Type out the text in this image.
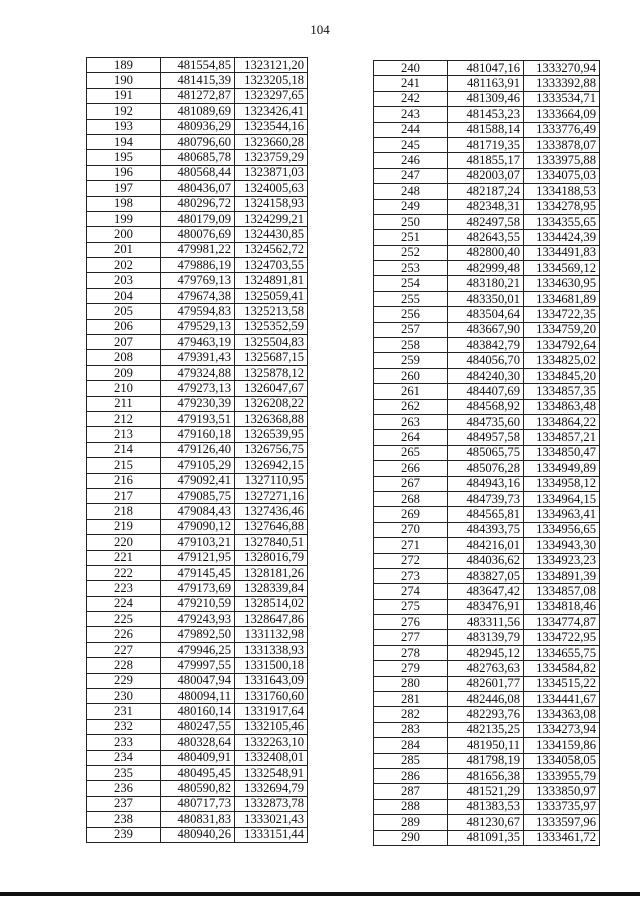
104
189	481554,85	1323121,20
190	481415,39	1323205,18
191	481272,87	1323297,65
192	481089,69	1323426,41
193	480936,29	1323544,16
194	480796,60	1323660,28
195	480685,78	1323759,29
196	480568,44	1323871,03
197	480436,07	1324005,63
198	480296,72	1324158,93
199	480179,09	1324299,21
200	480076,69	1324430,85
201	479981,22	1324562,72
202	479886,19	1324703,55
203	479769,13	1324891,81
204	479674,38	1325059,41
205	479594,83	1325213,58
206	479529,13	1325352,59
207	479463,19	1325504,83
208	479391,43	1325687,15
209	479324,88	1325878,12
210	479273,13	1326047,67
211	479230,39	1326208,22
212	479193,51	1326368,88
213	479160,18	1326539,95
214	479126,40	1326756,75
215	479105,29	1326942,15
216	479092,41	1327110,95
217	479085,75	1327271,16
218	479084,43	1327436,46
219	479090,12	1327646,88
220	479103,21	1327840,51
221	479121,95	1328016,79
222	479145,45	1328181,26
223	479173,69	1328339,84
224	479210,59	1328514,02
225	479243,93	1328647,86
226	479892,50	1331132,98
227	479946,25	1331338,93
228	479997,55	1331500,18
229	480047,94	1331643,09
230	480094,11	1331760,60
231	480160,14	1331917,64
232	480247,55	1332105,46
233	480328,64	1332263,10
234	480409,91	1332408,01
235	480495,45	1332548,91
236	480590,82	1332694,79
237	480717,73	1332873,78
238	480831,83	1333021,43
239	480940,26	1333151,44
240	481047,16	1333270,94
241	481163,91	1333392,88
242	481309,46	1333534,71
243	481453,23	1333664,09
244	481588,14	1333776,49
245	481719,35	1333878,07
246	481855,17	1333975,88
247	482003,07	1334075,03
248	482187,24	1334188,53
249	482348,31	1334278,95
250	482497,58	1334355,65
251	482643,55	1334424,39
252	482800,40	1334491,83
253	482999,48	1334569,12
254	483180,21	1334630,95
255	483350,01	1334681,89
256	483504,64	1334722,35
257	483667,90	1334759,20
258	483842,79	1334792,64
259	484056,70	1334825,02
260	484240,30	1334845,20
261	484407,69	1334857,35
262	484568,92	1334863,48
263	484735,60	1334864,22
264	484957,58	1334857,21
265	485065,75	1334850,47
266	485076,28	1334949,89
267	484943,16	1334958,12
268	484739,73	1334964,15
269	484565,81	1334963,41
270	484393,75	1334956,65
271	484216,01	1334943,30
272	484036,62	1334923,23
273	483827,05	1334891,39
274	483647,42	1334857,08
275	483476,91	1334818,46
276	483311,56	1334774,87
277	483139,79	1334722,95
278	482945,12	1334655,75
279	482763,63	1334584,82
280	482601,77	1334515,22
281	482446,08	1334441,67
282	482293,76	1334363,08
283	482135,25	1334273,94
284	481950,11	1334159,86
285	481798,19	1334058,05
286	481656,38	1333955,79
287	481521,29	1333850,97
288	481383,53	1333735,97
289	481230,67	1333597,96
290	481091,35	1333461,72
